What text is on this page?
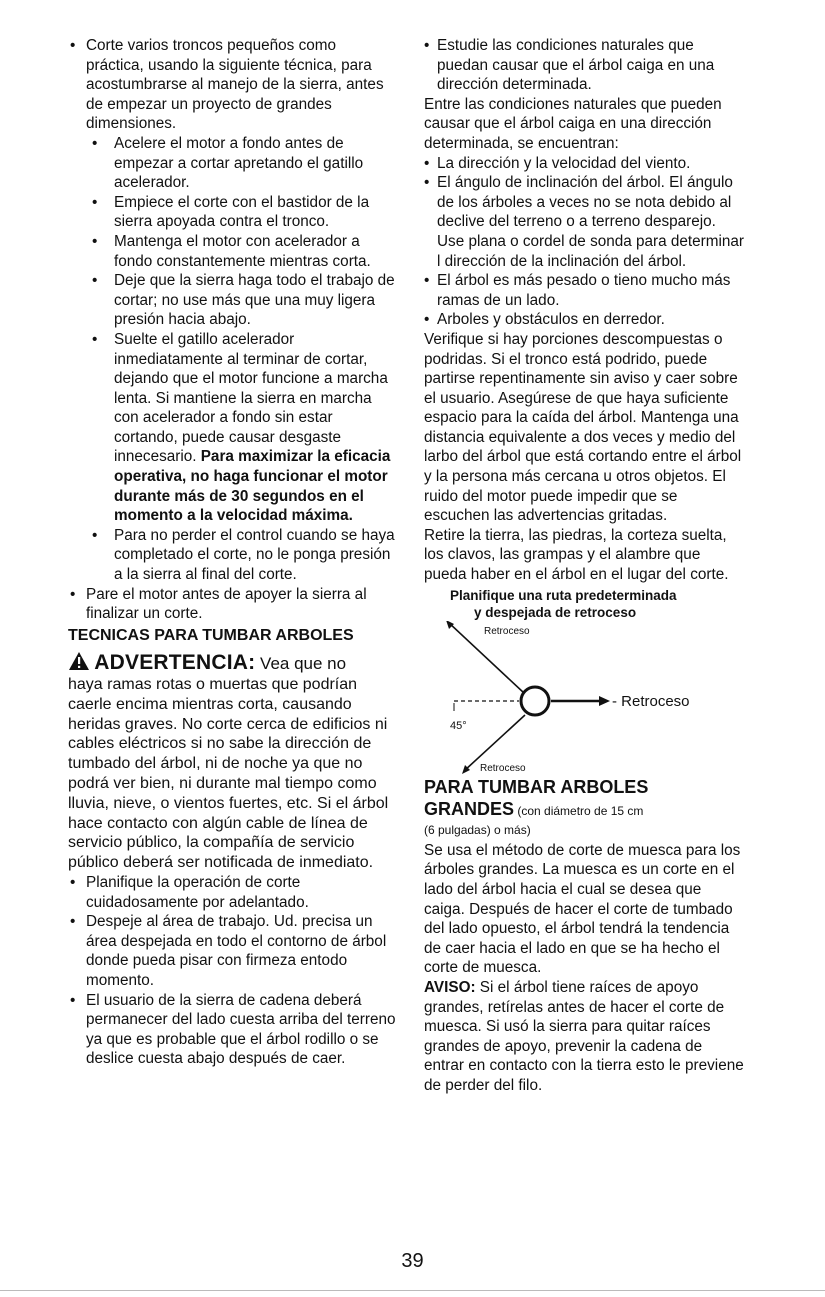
• Corte varios troncos pequeños como práctica, usando la siguiente técnica, para acostumbrarse al manejo de la sierra, antes de empezar un proyecto de grandes dimensiones.
• Acelere el motor a fondo antes de empezar a cortar apretando el gatillo acelerador.
• Empiece el corte con el bastidor de la sierra apoyada contra el tronco.
• Mantenga el motor con acelerador a fondo constantemente mientras corta.
• Deje que la sierra haga todo el trabajo de cortar; no use más que una muy ligera presión hacia abajo.
• Suelte el gatillo acelerador inmediatamente al terminar de cortar, dejando que el motor funcione a marcha lenta. Si mantiene la sierra en marcha con acelerador a fondo sin estar cortando, puede causar desgaste innecesario. Para maximizar la eficacia operativa, no haga funcionar el motor durante más de 30 segundos en el momento a la velocidad máxima.
• Para no perder el control cuando se haya completado el corte, no le ponga presión a la sierra al final del corte.
• Pare el motor antes de apoyer la sierra al finalizar un corte.
TECNICAS PARA TUMBAR ARBOLES
ADVERTENCIA: Vea que no
haya ramas rotas o muertas que podrían caerle encima mientras corta, causando heridas graves. No corte cerca de edificios ni cables eléctricos si no sabe la dirección de tumbado del árbol, ni de noche ya que no podrá ver bien, ni durante mal tiempo como lluvia, nieve, o vientos fuertes, etc. Si el árbol hace contacto con algún cable de línea de servicio público, la compañía de servicio público deberá ser notificada de inmediato.
• Planifique la operación de corte cuidadosamente por adelantado.
• Despeje al área de trabajo. Ud. precisa un área despejada en todo el contorno de árbol donde pueda pisar con firmeza entodo momento.
• El usuario de la sierra de cadena deberá permanecer del lado cuesta arriba del terreno ya que es probable que el árbol rodillo o se deslice cuesta abajo después de caer.
• Estudie las condiciones naturales que puedan causar que el árbol caiga en una dirección determinada.
Entre las condiciones naturales que pueden causar que el árbol caiga en una dirección determinada, se encuentran:
• La dirección y la velocidad del viento.
• El ángulo de inclinación del árbol. El ángulo de los árboles a veces no se nota debido al declive del terreno o a terreno desparejo. Use plana o cordel de sonda para determinar l dirección de la inclinación del árbol.
• El árbol es más pesado o tieno mucho más ramas de un lado.
• Arboles y obstáculos en derredor.
Verifique si hay porciones descompuestas o podridas. Si el tronco está podrido, puede partirse repentinamente sin aviso y caer sobre el usuario. Asegúrese de que haya suficiente espacio para la caída del árbol. Mantenga una distancia equivalente a dos veces y medio del larbo del árbol que está cortando entre el árbol y la persona más cercana u otros objetos. El ruido del motor puede impedir que se escuchen las advertencias gritadas.
Retire la tierra, las piedras, la corteza suelta, los clavos, las grampas y el alambre que pueda haber en el árbol en el lugar del corte.
Planifique una ruta predeterminada
y despejada de retroceso
Retroceso
- Retroceso
Retroceso
45°
PARA TUMBAR ARBOLES
GRANDES (con diámetro de 15 cm
(6 pulgadas) o más)
Se usa el método de corte de muesca para los árboles grandes. La muesca es un corte en el lado del árbol hacia el cual se desea que caiga. Después de hacer el corte de tumbado del lado opuesto, el árbol tendrá la tendencia de caer hacia el lado en que se ha hecho el corte de muesca.
AVISO: Si el árbol tiene raíces de apoyo grandes, retírelas antes de hacer el corte de muesca. Si usó la sierra para quitar raíces grandes de apoyo, prevenir la cadena de entrar en contacto con la tierra esto le previene de perder del filo.
39
